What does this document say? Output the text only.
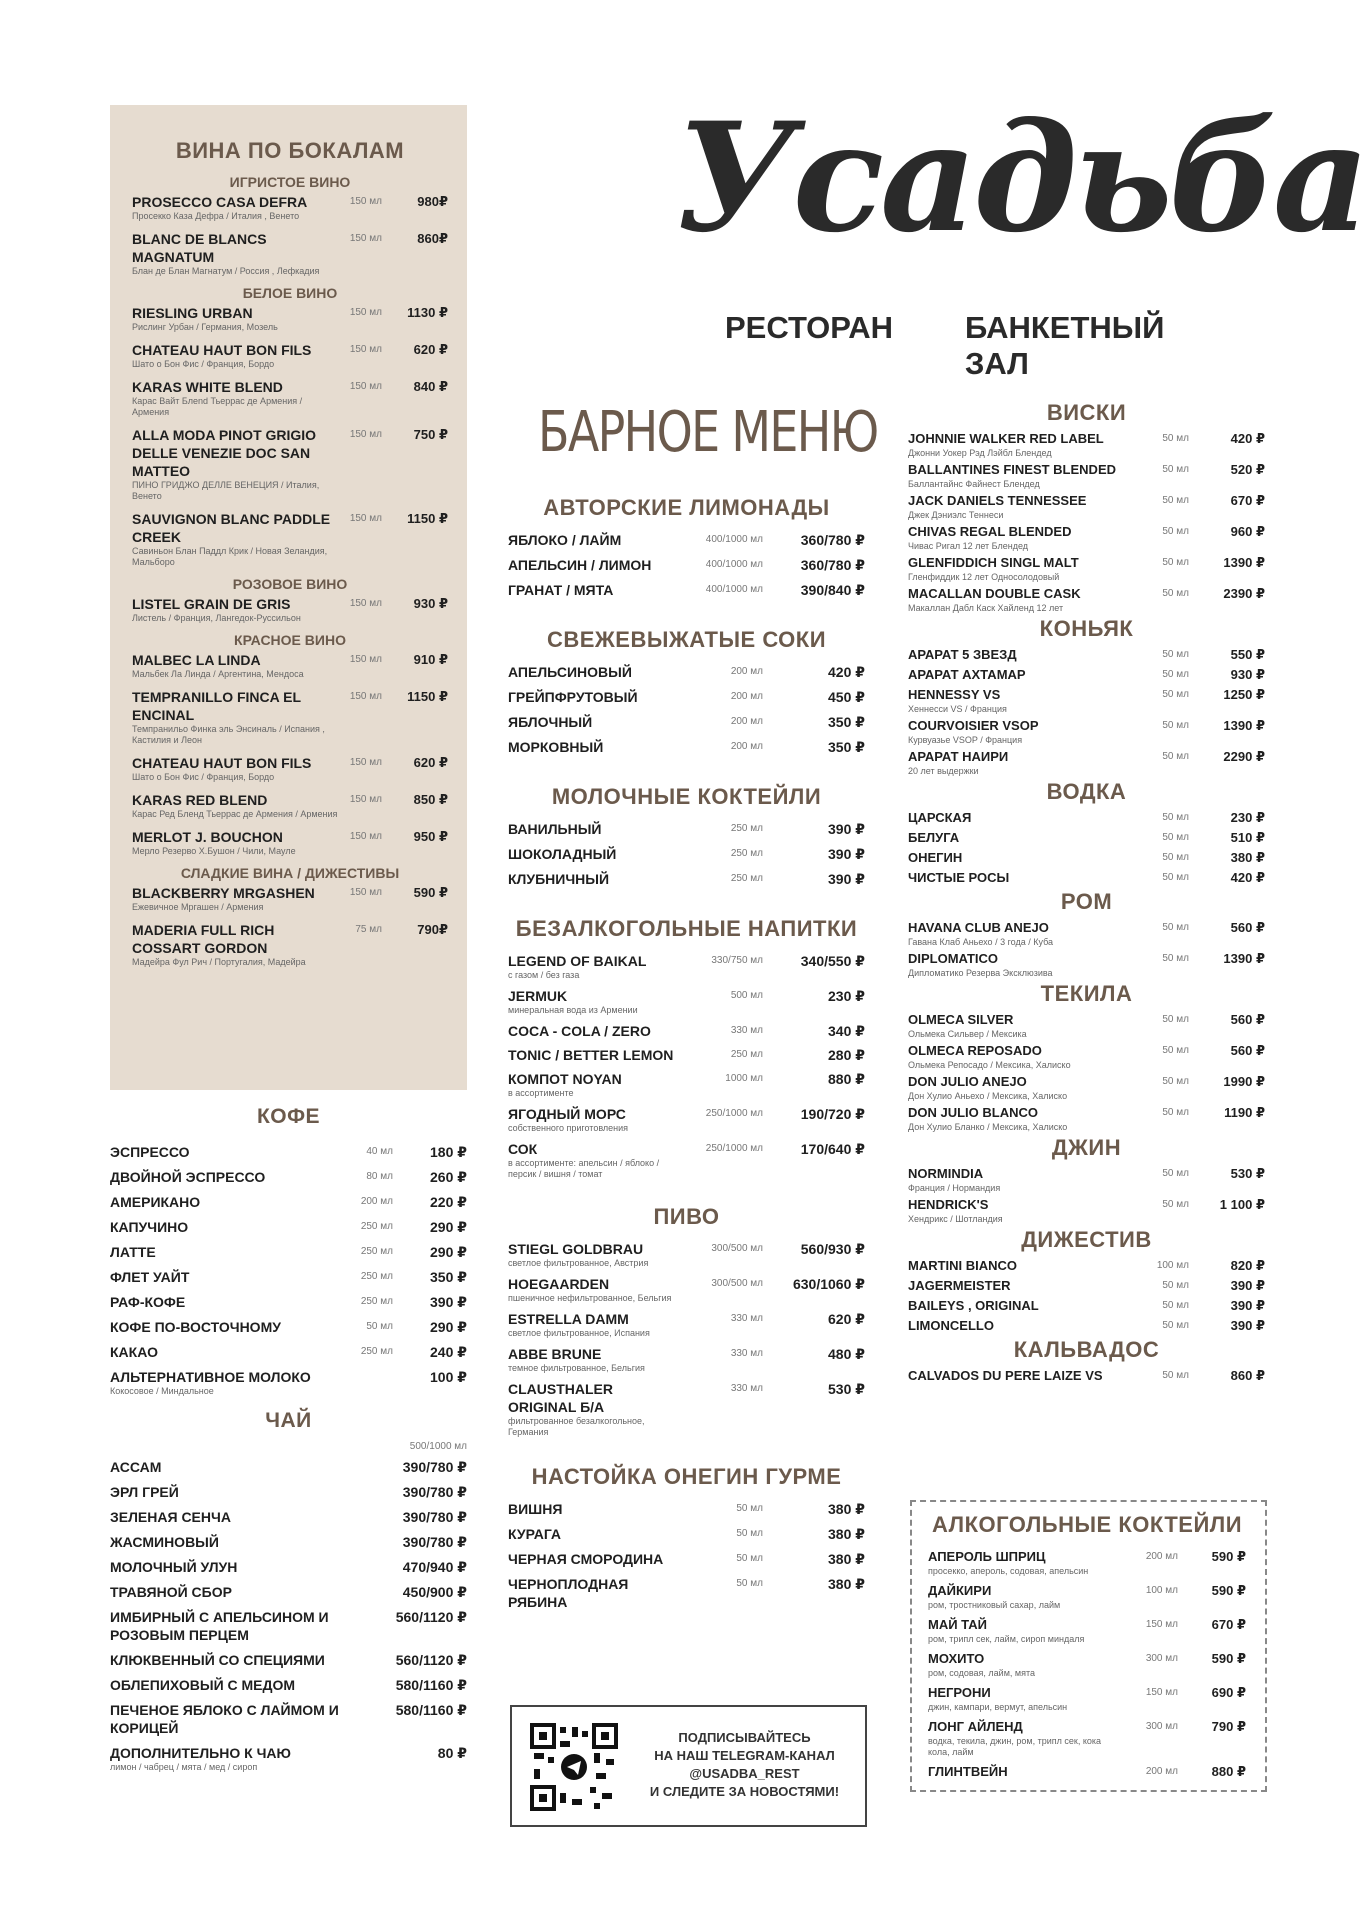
ВИНА ПО БОКАЛАМ
ИГРИСТОЕ ВИНО
PROSECCO CASA DEFRA	150 мл	980₽
Просекко Каза Дефра / Италия , Венето
BLANC DE BLANCS MAGNATUM
150 мл	860₽
Блан де Блан Магнатум / Россия , Лефкадия
БЕЛОЕ ВИНО
RIESLING URBAN	150 мл	1130 ₽
Рислинг Урбан / Германия, Мозель
CHATEAU HAUT BON FILS	150 мл	620 ₽
Шато о Бон Фис / Франция, Бордо
KARAS WHITE BLEND	150 мл	840 ₽
Карас Вайт Блend Тьеррас де Армения / Армения
ALLA MODA PINOT GRIGIO DELLE VENEZIE DOC SAN MATTEO
150 мл	750 ₽
ПИНО ГРИДЖО ДЕЛЛЕ ВЕНЕЦИЯ / Италия, Венето
SAUVIGNON BLANC PADDLE CREEK
150 мл	1150 ₽
Савиньон Блан Паддл Крик / Новая Зеландия, Мальборо
РОЗОВОЕ ВИНО
LISTEL GRAIN DE GRIS	150 мл	930 ₽
Листель / Франция, Лангедок-Руссильон
КРАСНОЕ ВИНО
MALBEC LA LINDA	150 мл	910 ₽
Мальбек Ла Линда / Аргентина, Мендоса
TEMPRANILLO FINCA EL ENCINAL
150 мл	1150 ₽
Темпранильо Финка эль Энсиналь / Испания , Кастилия и Леон
CHATEAU HAUT BON FILS	150 мл	620 ₽
Шато о Бон Фис / Франция, Бордо
KARAS RED BLEND	150 мл	850 ₽
Карас Ред Бленд Тьеррас де Армения / Армения
MERLOT J. BOUCHON	150 мл	950 ₽
Мерло Резерво Х.Бушон / Чили, Мауле
СЛАДКИЕ ВИНА / ДИЖЕСТИВЫ
BLACKBERRY MRGASHEN	150 мл	590 ₽
Ежевичное Мргашен / Армения
MADERIA FULL RICH COSSART GORDON
75 мл	790₽
Мадейра Фул Рич / Португалия, Мадейра
КОФЕ
ЭСПРЕССО	40 мл	180 ₽
ДВОЙНОЙ ЭСПРЕССО	80 мл	260 ₽
АМЕРИКАНО	200 мл	220 ₽
КАПУЧИНО	250 мл	290 ₽
ЛАТТЕ	250 мл	290 ₽
ФЛЕТ УАЙТ	250 мл	350 ₽
РАФ-КОФЕ	250 мл	390 ₽
КОФЕ ПО-ВОСТОЧНОМУ	50 мл	290 ₽
КАКАО	250 мл	240 ₽
АЛЬТЕРНАТИВНОЕ МОЛОКО	100 ₽
Кокосовое / Миндальное
ЧАЙ
500/1000 мл
АССАМ	390/780 ₽
ЭРЛ ГРЕЙ	390/780 ₽
ЗЕЛЕНАЯ СЕНЧА	390/780 ₽
ЖАСМИНОВЫЙ	390/780 ₽
МОЛОЧНЫЙ УЛУН	470/940 ₽
ТРАВЯНОЙ СБОР	450/900 ₽
ИМБИРНЫЙ С АПЕЛЬСИНОМ И РОЗОВЫМ ПЕРЦЕМ
560/1120 ₽
КЛЮКВЕННЫЙ СО СПЕЦИЯМИ	560/1120 ₽
ОБЛЕПИХОВЫЙ С МЕДОМ	580/1160 ₽
ПЕЧЕНОЕ ЯБЛОКО С ЛАЙМОМ И КОРИЦЕЙ
580/1160 ₽
ДОПОЛНИТЕЛЬНО К ЧАЮ	80 ₽
лимон / чабрец / мята / мед / сироп
Усадьба
РЕСТОРАН БАНКЕТНЫЙ ЗАЛ
БАРНОЕ МЕНЮ
АВТОРСКИЕ ЛИМОНАДЫ
ЯБЛОКО / ЛАЙМ	400/1000 мл	360/780 ₽
АПЕЛЬСИН / ЛИМОН	400/1000 мл	360/780 ₽
ГРАНАТ / МЯТА	400/1000 мл	390/840 ₽
СВЕЖЕВЫЖАТЫЕ СОКИ
АПЕЛЬСИНОВЫЙ	200 мл	420 ₽
ГРЕЙПФРУТОВЫЙ	200 мл	450 ₽
ЯБЛОЧНЫЙ	200 мл	350 ₽
МОРКОВНЫЙ	200 мл	350 ₽
МОЛОЧНЫЕ КОКТЕЙЛИ
ВАНИЛЬНЫЙ	250 мл	390 ₽
ШОКОЛАДНЫЙ	250 мл	390 ₽
КЛУБНИЧНЫЙ	250 мл	390 ₽
БЕЗАЛКОГОЛЬНЫЕ НАПИТКИ
LEGEND OF BAIKAL	330/750 мл	340/550 ₽
с газом / без газа
JERMUK	500 мл	230 ₽
минеральная вода из Армении
COCA - COLA / ZERO	330 мл	340 ₽
TONIC / BETTER LEMON	250 мл	280 ₽
КОМПОТ NOYAN	1000 мл	880 ₽
в ассортименте
ЯГОДНЫЙ МОРС	250/1000 мл	190/720 ₽
собственного приготовления
СОК	250/1000 мл	170/640 ₽
в ассортименте: апельсин / яблоко / персик / вишня / томат
ПИВО
STIEGL GOLDBRAU	300/500 мл	560/930 ₽
светлое фильтрованное, Австрия
HOEGAARDEN	300/500 мл	630/1060 ₽
пшеничное нефильтрованное, Бельгия
ESTRELLA DAMM	330 мл	620 ₽
светлое фильтрованное, Испания
ABBE BRUNE	330 мл	480 ₽
темное фильтрованное, Бельгия
CLAUSTHALER ORIGINAL Б/А
330 мл	530 ₽
фильтрованное безалкогольное, Германия
НАСТОЙКА ОНЕГИН ГУРМЕ
ВИШНЯ	50 мл	380 ₽
КУРАГА	50 мл	380 ₽
ЧЕРНАЯ СМОРОДИНА	50 мл	380 ₽
ЧЕРНОПЛОДНАЯ РЯБИНА
50 мл	380 ₽
ПОДПИСЫВАЙТЕСЬ
НА НАШ TELEGRAM-КАНАЛ
@USADBA_REST
И СЛЕДИТЕ ЗА НОВОСТЯМИ!
ВИСКИ
JOHNNIE WALKER RED LABEL	50 мл	420 ₽
Джонни Уокер Рэд Лэйбл Блендед
BALLANTINES FINEST BLENDED	50 мл	520 ₽
Баллантайнс Файнест Блендед
JACK DANIELS TENNESSEE	50 мл	670 ₽
Джек Дэниэлс Теннеси
CHIVAS REGAL BLENDED	50 мл	960 ₽
Чивас Ригал 12 лет Блендед
GLENFIDDICH SINGL MALT	50 мл	1390 ₽
Гленфиддик 12 лет Односолодовый
MACALLAN DOUBLE CASK	50 мл	2390 ₽
Макаллан Дабл Каск Хайленд 12 лет
КОНЬЯК
АРАРАТ 5 ЗВЕЗД	50 мл	550 ₽
АРАРАТ АХТАМАР	50 мл	930 ₽
HENNESSY VS	50 мл	1250 ₽
Хеннесси VS / Франция
COURVOISIER VSOP	50 мл	1390 ₽
Курвуазье VSOP / Франция
АРАРАТ НАИРИ	50 мл	2290 ₽
20 лет выдержки
ВОДКА
ЦАРСКАЯ	50 мл	230 ₽
БЕЛУГА	50 мл	510 ₽
ОНЕГИН	50 мл	380 ₽
ЧИСТЫЕ РОСЫ	50 мл	420 ₽
РОМ
HAVANA CLUB ANEJO	50 мл	560 ₽
Гавана Клаб Аньехо / 3 года / Куба
DIPLOMATICO	50 мл	1390 ₽
Дипломатико Резерва Эксклюзива
ТЕКИЛА
OLMECA SILVER	50 мл	560 ₽
Ольмека Сильвер / Мексика
OLMECA REPOSADO	50 мл	560 ₽
Ольмека Репосадо / Мексика, Халиско
DON JULIO ANEJO	50 мл	1990 ₽
Дон Хулио Аньехо / Мексика, Халиско
DON JULIO BLANCO	50 мл	1190 ₽
Дон Хулио Бланко / Мексика, Халиско
ДЖИН
NORMINDIA	50 мл	530 ₽
Франция / Нормандия
HENDRICK'S	50 мл	1 100 ₽
Хендрикс / Шотландия
ДИЖЕСТИВ
MARTINI BIANCO	100 мл	820 ₽
JAGERMEISTER	50 мл	390 ₽
BAILEYS , ORIGINAL	50 мл	390 ₽
LIMONCELLO	50 мл	390 ₽
КАЛЬВАДОС
CALVADOS DU PERE LAIZE VS	50 мл	860 ₽
АЛКОГОЛЬНЫЕ КОКТЕЙЛИ
АПЕРОЛЬ ШПРИЦ	200 мл	590 ₽
просекко, апероль, содовая, апельсин
ДАЙКИРИ	100 мл	590 ₽
ром, тростниковый сахар, лайм
МАЙ ТАЙ	150 мл	670 ₽
ром, трипл сек, лайм, сироп миндаля
МОХИТО	300 мл	590 ₽
ром, содовая, лайм, мята
НЕГРОНИ	150 мл	690 ₽
джин, кампари, вермут, апельсин
ЛОНГ АЙЛЕНД	300 мл	790 ₽
водка, текила, джин, ром, трипл сек, кока кола, лайм
ГЛИНТВЕЙН	200 мл	880 ₽
